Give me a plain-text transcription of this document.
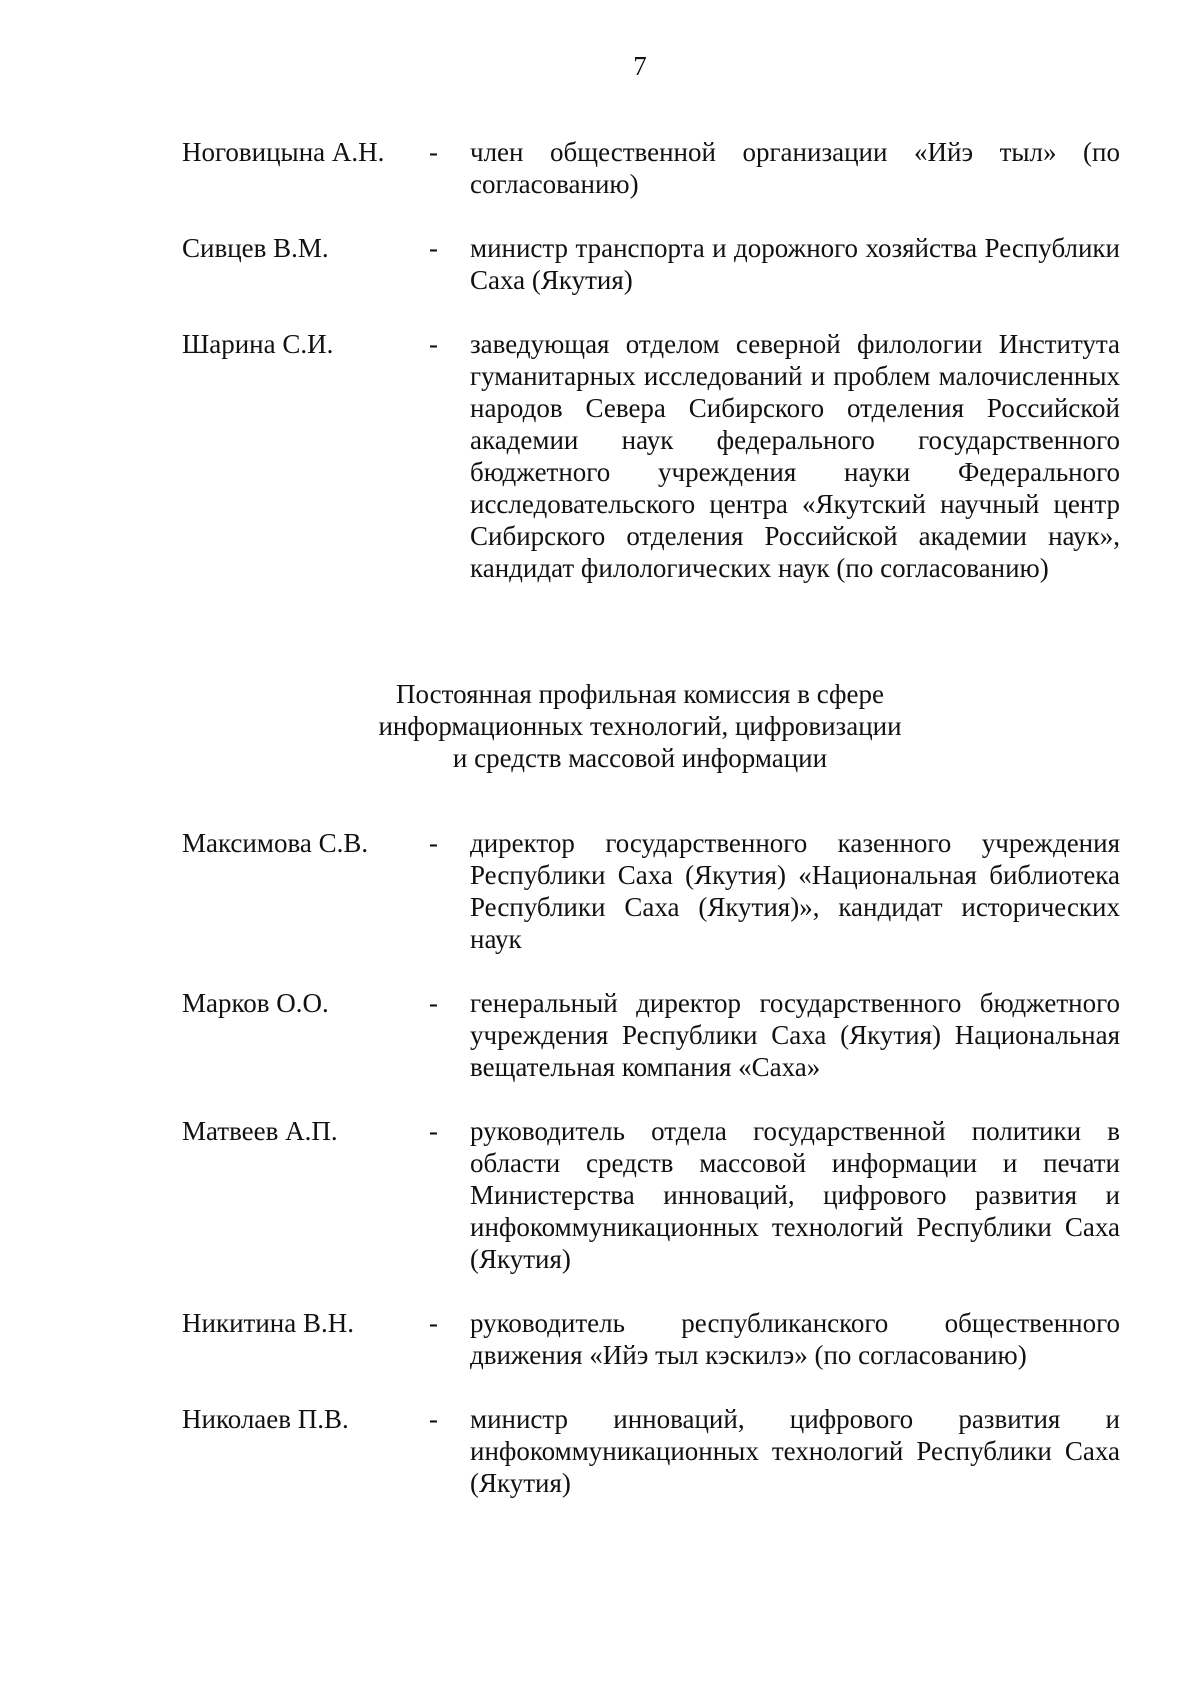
7
Ноговицына А.Н. - член общественной организации «Ийэ тыл» (по согласованию)
Сивцев В.М.	- министр транспорта и дорожного хозяйства Республики Саха (Якутия)
Шарина С.И.	- заведующая отделом северной филологии Института гуманитарных исследований и проблем малочисленных народов Севера Сибирского отделения Российской академии наук федерального государственного бюджетного учреждения науки Федерального исследовательского центра «Якутский научный центр Сибирского отделения Российской академии наук», кандидат филологических наук (по согласованию)
Постоянная профильная комиссия в сфере
информационных технологий, цифровизации
и средств массовой информации
Максимова С.В. - директор государственного казенного учреждения Республики Саха (Якутия) «Национальная библиотека Республики Саха (Якутия)», кандидат исторических наук
Марков О.О.	- генеральный директор государственного бюджетного учреждения Республики Саха (Якутия) Национальная вещательная компания «Саха»
Матвеев А.П.	- руководитель отдела государственной политики в области средств массовой информации и печати Министерства инноваций, цифрового развития и инфокоммуникационных технологий Республики Саха (Якутия)
Никитина В.Н.	- руководитель республиканского общественного движения «Ийэ тыл кэскилэ» (по согласованию)
Николаев П.В.	- министр инноваций, цифрового развития и инфокоммуникационных технологий Республики Саха (Якутия)
